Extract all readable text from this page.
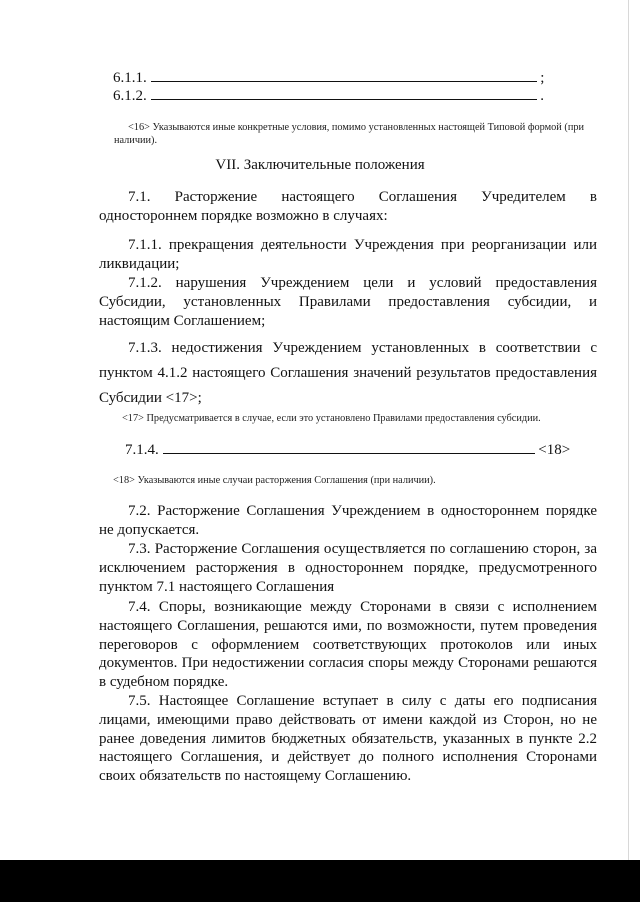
6.1.1.	;
6.1.2.	.
<16> Указываются иные конкретные условия, помимо установленных настоящей Типовой формой (при наличии).
VII. Заключительные положения
7.1. Расторжение настоящего Соглашения Учредителем в одностороннем порядке возможно в случаях:
7.1.1. прекращения деятельности Учреждения при реорганизации или ликвидации;
7.1.2. нарушения Учреждением цели и условий предоставления Субсидии, установленных Правилами предоставления субсидии, и настоящим Соглашением;
7.1.3. недостижения Учреждением установленных в соответствии с пунктом 4.1.2 настоящего Соглашения значений результатов предоставления Субсидии <17>;
<17> Предусматривается в случае, если это установлено Правилами предоставления субсидии.
7.1.4.	<18>
<18> Указываются иные случаи расторжения Соглашения (при наличии).
7.2. Расторжение Соглашения Учреждением в одностороннем порядке не допускается.
7.3. Расторжение Соглашения осуществляется по соглашению сторон, за исключением расторжения в одностороннем порядке, предусмотренного пунктом 7.1 настоящего Соглашения
7.4. Споры, возникающие между Сторонами в связи с исполнением настоящего Соглашения, решаются ими, по возможности, путем проведения переговоров с оформлением соответствующих протоколов или иных документов. При недостижении согласия споры между Сторонами решаются в судебном порядке.
7.5. Настоящее Соглашение вступает в силу с даты его подписания лицами, имеющими право действовать от имени каждой из Сторон, но не ранее доведения лимитов бюджетных обязательств, указанных в пункте 2.2 настоящего Соглашения, и действует до полного исполнения Сторонами своих обязательств по настоящему Соглашению.
